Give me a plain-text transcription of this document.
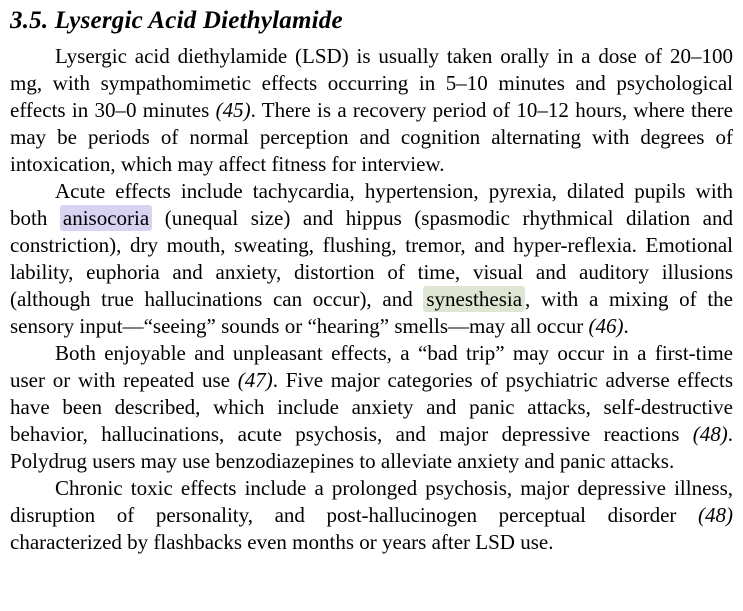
3.5. Lysergic Acid Diethylamide

Lysergic acid diethylamide (LSD) is usually taken orally in a dose of 20–100 mg, with sympathomimetic effects occurring in 5–10 minutes and psychological effects in 30–0 minutes (45). There is a recovery period of 10–12 hours, where there may be periods of normal perception and cognition alternating with degrees of intoxication, which may affect fitness for interview.

Acute effects include tachycardia, hypertension, pyrexia, dilated pupils with both anisocoria (unequal size) and hippus (spasmodic rhythmical dilation and constriction), dry mouth, sweating, flushing, tremor, and hyper-reflexia. Emotional lability, euphoria and anxiety, distortion of time, visual and auditory illusions (although true hallucinations can occur), and synesthesia , with a mixing of the sensory input—“seeing” sounds or “hearing” smells—may all occur (46).

Both enjoyable and unpleasant effects, a “bad trip” may occur in a first-time user or with repeated use (47). Five major categories of psychiatric adverse effects have been described, which include anxiety and panic attacks, self-destructive behavior, hallucinations, acute psychosis, and major depressive reactions (48). Polydrug users may use benzodiazepines to alleviate anxiety and panic attacks.

Chronic toxic effects include a prolonged psychosis, major depressive illness, disruption of personality, and post-hallucinogen perceptual disorder (48) characterized by flashbacks even months or years after LSD use.
